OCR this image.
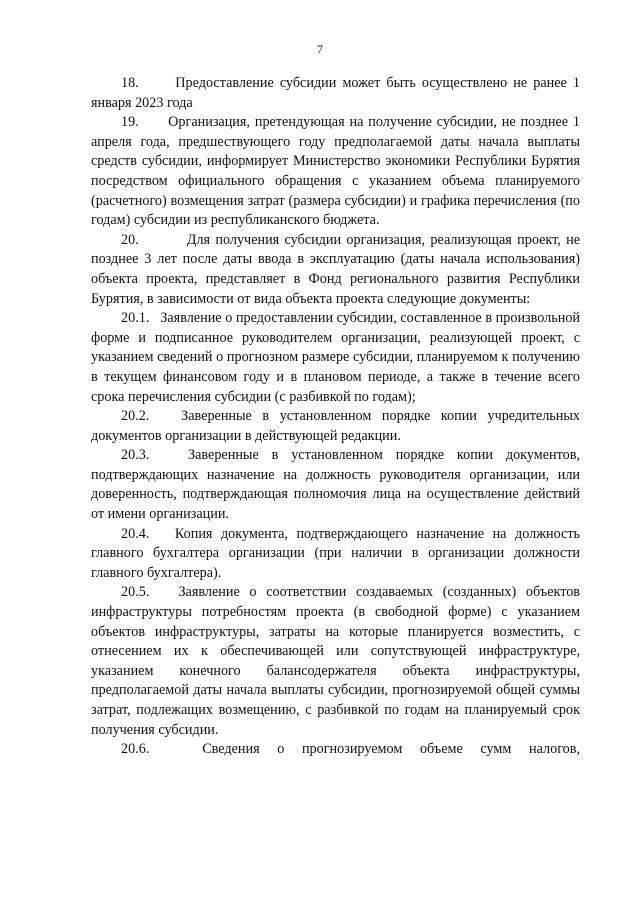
7

18.	Предоставление субсидии может быть осуществлено не ранее 1 января 2023 года

19. Организация, претендующая на получение субсидии, не позднее 1 апреля года, предшествующего году предполагаемой даты начала выплаты средств субсидии, информирует Министерство экономики Республики Бурятия посредством официального обращения с указанием объема планируемого (расчетного) возмещения затрат (размера субсидии) и графика перечисления (по годам) субсидии из республиканского бюджета.

20.	Для получения субсидии организация, реализующая проект, не позднее 3 лет после даты ввода в эксплуатацию (даты начала использования) объекта проекта, представляет в Фонд регионального развития Республики Бурятия, в зависимости от вида объекта проекта следующие документы:

20.1. Заявление о предоставлении субсидии, составленное в произвольной форме и подписанное руководителем организации, реализующей проект, с указанием сведений о прогнозном размере субсидии, планируемом к получению в текущем финансовом году и в плановом периоде, а также в течение всего срока перечисления субсидии (с разбивкой по годам);

20.2. Заверенные в установленном порядке копии учредительных документов организации в действующей редакции.

20.3.	Заверенные в установленном порядке копии документов, подтверждающих назначение на должность руководителя организации, или доверенность, подтверждающая полномочия лица на осуществление действий от имени организации.

20.4. Копия документа, подтверждающего назначение на должность главного бухгалтера организации (при наличии в организации должности главного бухгалтера).

20.5. Заявление о соответствии создаваемых (созданных) объектов инфраструктуры потребностям проекта (в свободной форме) с указанием объектов инфраструктуры, затраты на которые планируется возместить, с отнесением их к обеспечивающей или сопутствующей инфраструктуре, указанием конечного балансодержателя объекта инфраструктуры, предполагаемой даты начала выплаты субсидии, прогнозируемой общей суммы затрат, подлежащих возмещению, с разбивкой по годам на планируемый срок получения субсидии.

20.6.	Сведения о прогнозируемом объеме сумм налогов,
